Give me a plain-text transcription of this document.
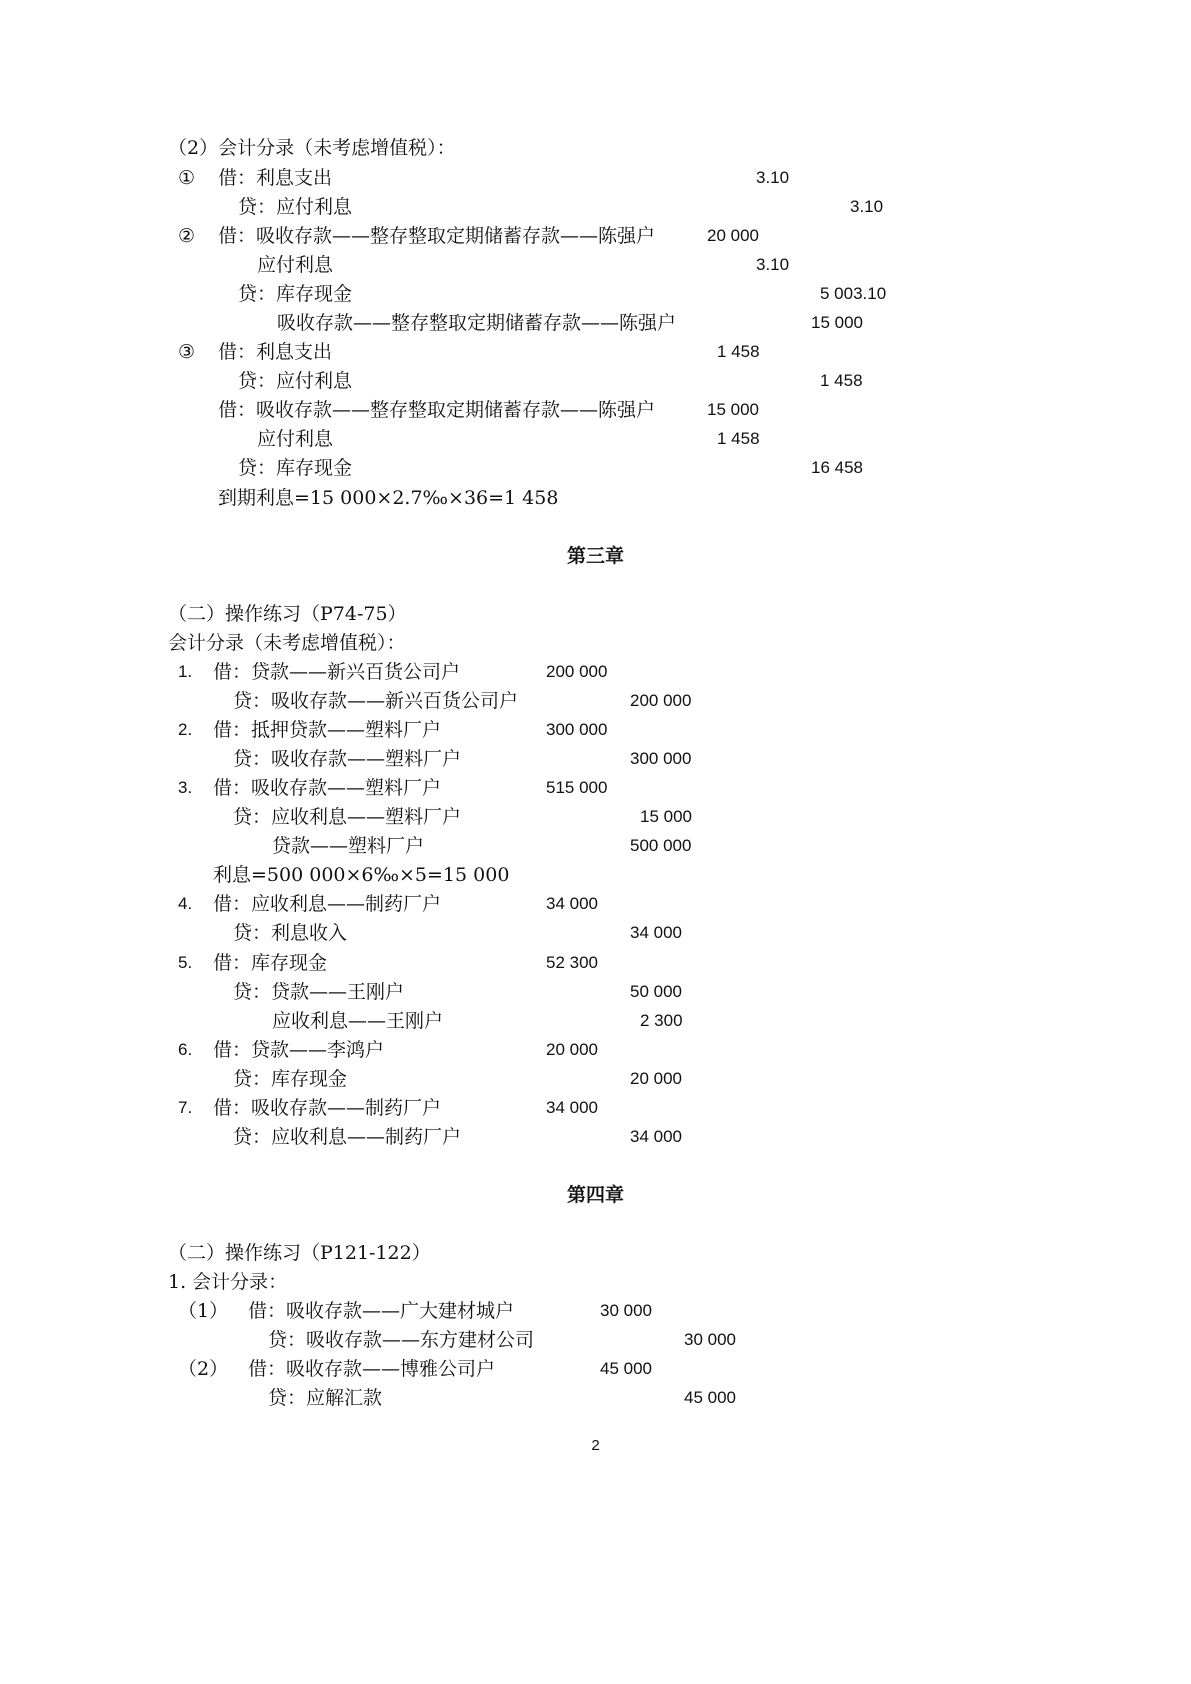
（2）会计分录（未考虑增值税）：
① 借：利息支出	3.10
贷：应付利息	3.10
② 借：吸收存款——整存整取定期储蓄存款——陈强户	20 000
应付利息	3.10
贷：库存现金	5 003.10
吸收存款——整存整取定期储蓄存款——陈强户	15 000
③ 借：利息支出	1 458
贷：应付利息	1 458
借：吸收存款——整存整取定期储蓄存款——陈强户	15 000
应付利息	1 458
贷：库存现金	16 458
到期利息=15 000×2.7‰×36=1 458
第三章
（二）操作练习（P74-75）
会计分录（未考虑增值税）：
1. 借：贷款——新兴百货公司户	200 000
贷：吸收存款——新兴百货公司户	200 000
2. 借：抵押贷款——塑料厂户	300 000
贷：吸收存款——塑料厂户	300 000
3. 借：吸收存款——塑料厂户	515 000
贷：应收利息——塑料厂户	15 000
贷款——塑料厂户	500 000
利息=500 000×6‰×5=15 000
4. 借：应收利息——制药厂户	34 000
贷：利息收入	34 000
5. 借：库存现金	52 300
贷：贷款——王刚户	50 000
应收利息——王刚户	2 300
6. 借：贷款——李鸿户	20 000
贷：库存现金	20 000
7. 借：吸收存款——制药厂户	34 000
贷：应收利息——制药厂户	34 000
第四章
（二）操作练习（P121-122）
1. 会计分录：
（1） 借：吸收存款——广大建材城户	30 000
贷：吸收存款——东方建材公司	30 000
（2） 借：吸收存款——博雅公司户	45 000
贷：应解汇款	45 000
2
